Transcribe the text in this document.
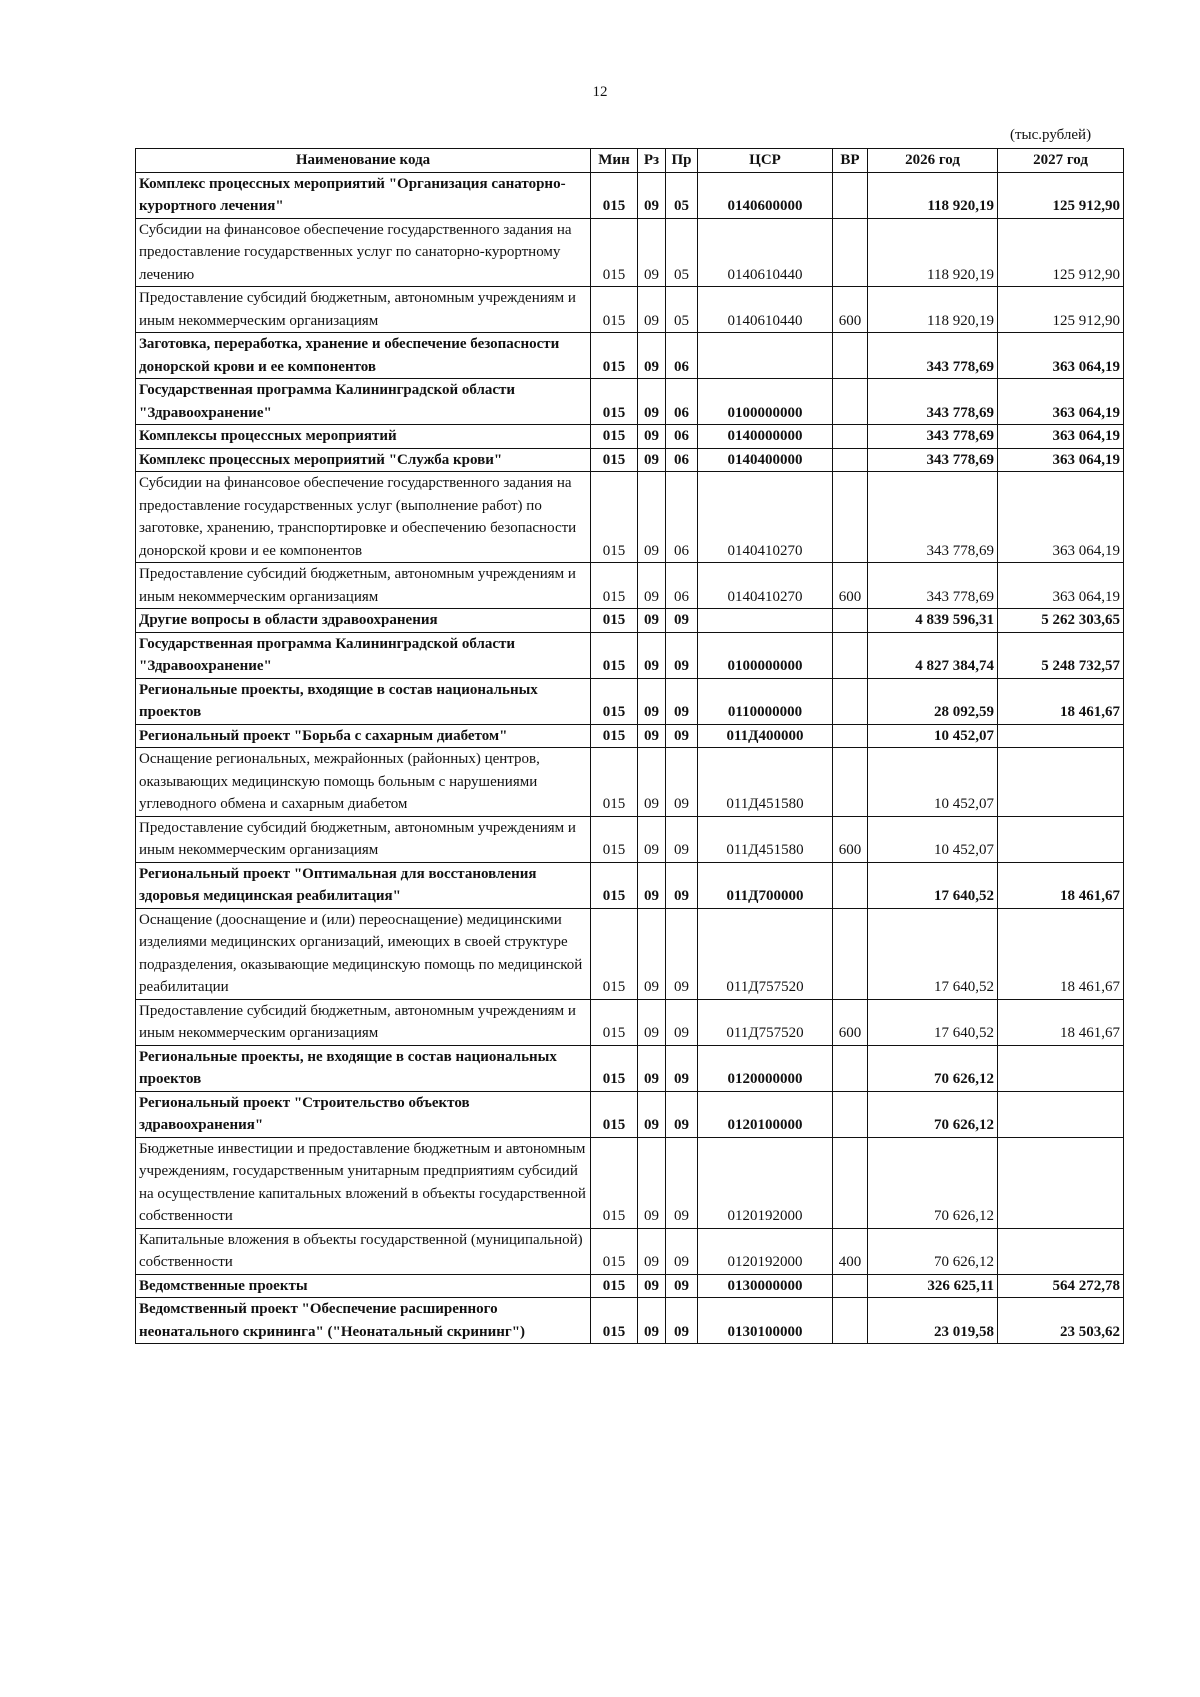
12
(тыс.рублей)
Наименование кода	Мин	Рз	Пр	ЦСР	ВР	2026 год	2027 год
Комплекс процессных мероприятий "Организация санаторно-курортного лечения"	015	09	05	0140600000		118 920,19	125 912,90
Субсидии на финансовое обеспечение государственного задания на предоставление государственных услуг по санаторно-курортному лечению	015	09	05	0140610440		118 920,19	125 912,90
Предоставление субсидий бюджетным, автономным учреждениям и иным некоммерческим организациям	015	09	05	0140610440	600	118 920,19	125 912,90
Заготовка, переработка, хранение и обеспечение безопасности донорской крови и ее компонентов	015	09	06			343 778,69	363 064,19
Государственная программа Калининградской области "Здравоохранение"	015	09	06	0100000000		343 778,69	363 064,19
Комплексы процессных мероприятий	015	09	06	0140000000		343 778,69	363 064,19
Комплекс процессных мероприятий "Служба крови"	015	09	06	0140400000		343 778,69	363 064,19
Субсидии на финансовое обеспечение государственного задания на предоставление государственных услуг (выполнение работ) по заготовке, хранению, транспортировке и обеспечению безопасности донорской крови и ее компонентов	015	09	06	0140410270		343 778,69	363 064,19
Предоставление субсидий бюджетным, автономным учреждениям и иным некоммерческим организациям	015	09	06	0140410270	600	343 778,69	363 064,19
Другие вопросы в области здравоохранения	015	09	09			4 839 596,31	5 262 303,65
Государственная программа Калининградской области "Здравоохранение"	015	09	09	0100000000		4 827 384,74	5 248 732,57
Региональные проекты, входящие в состав национальных проектов	015	09	09	0110000000		28 092,59	18 461,67
Региональный проект "Борьба с сахарным диабетом"	015	09	09	011Д400000		10 452,07	
Оснащение региональных, межрайонных (районных) центров, оказывающих медицинскую помощь больным с нарушениями углеводного обмена и сахарным диабетом	015	09	09	011Д451580		10 452,07	
Предоставление субсидий бюджетным, автономным учреждениям и иным некоммерческим организациям	015	09	09	011Д451580	600	10 452,07	
Региональный проект "Оптимальная для восстановления здоровья медицинская реабилитация"	015	09	09	011Д700000		17 640,52	18 461,67
Оснащение (дооснащение и (или) переоснащение) медицинскими изделиями медицинских организаций, имеющих в своей структуре подразделения, оказывающие медицинскую помощь по медицинской реабилитации	015	09	09	011Д757520		17 640,52	18 461,67
Предоставление субсидий бюджетным, автономным учреждениям и иным некоммерческим организациям	015	09	09	011Д757520	600	17 640,52	18 461,67
Региональные проекты, не входящие в состав национальных проектов	015	09	09	0120000000		70 626,12	
Региональный проект "Строительство объектов здравоохранения"	015	09	09	0120100000		70 626,12	
Бюджетные инвестиции и предоставление бюджетным и автономным учреждениям, государственным унитарным предприятиям субсидий на осуществление капитальных вложений в объекты государственной собственности	015	09	09	0120192000		70 626,12	
Капитальные вложения в объекты государственной (муниципальной) собственности	015	09	09	0120192000	400	70 626,12	
Ведомственные проекты	015	09	09	0130000000		326 625,11	564 272,78
Ведомственный проект "Обеспечение расширенного неонатального скрининга" ("Неонатальный скрининг")	015	09	09	0130100000		23 019,58	23 503,62
